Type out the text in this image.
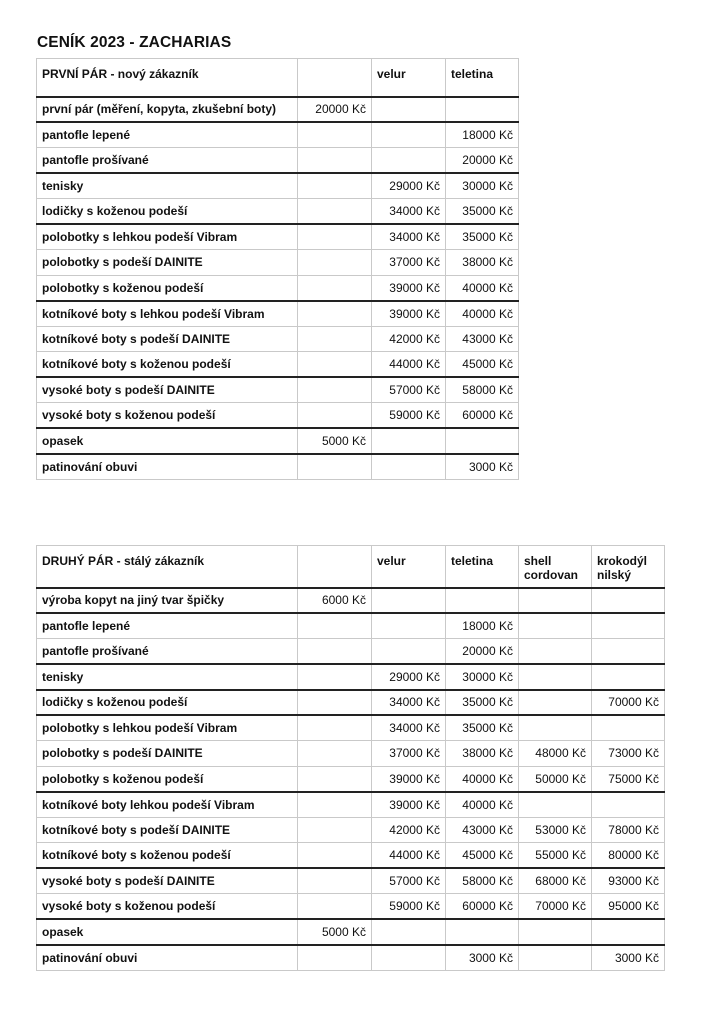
CENÍK 2023 - ZACHARIAS
PRVNÍ PÁR - nový zákazník		velur	teletina
první pár (měření, kopyta, zkušební boty)	20000 Kč		
pantofle lepené			18000 Kč
pantofle prošívané			20000 Kč
tenisky		29000 Kč	30000 Kč
lodičky s koženou podeší		34000 Kč	35000 Kč
polobotky s lehkou podeší Vibram		34000 Kč	35000 Kč
polobotky s podeší DAINITE		37000 Kč	38000 Kč
polobotky s koženou podeší		39000 Kč	40000 Kč
kotníkové boty s lehkou podeší Vibram		39000 Kč	40000 Kč
kotníkové boty s podeší DAINITE		42000 Kč	43000 Kč
kotníkové boty s koženou podeší		44000 Kč	45000 Kč
vysoké boty s podeší DAINITE		57000 Kč	58000 Kč
vysoké boty s koženou podeší		59000 Kč	60000 Kč
opasek	5000 Kč		
patinování obuvi			3000 Kč
DRUHÝ PÁR - stálý zákazník		velur	teletina	shell cordovan	krokodýl nilský
výroba kopyt na jiný tvar špičky	6000 Kč				
pantofle lepené			18000 Kč		
pantofle prošívané			20000 Kč		
tenisky		29000 Kč	30000 Kč		
lodičky s koženou podeší		34000 Kč	35000 Kč		70000 Kč
polobotky s lehkou podeší Vibram		34000 Kč	35000 Kč		
polobotky s podeší DAINITE		37000 Kč	38000 Kč	48000 Kč	73000 Kč
polobotky s koženou podeší		39000 Kč	40000 Kč	50000 Kč	75000 Kč
kotníkové boty lehkou podeší Vibram		39000 Kč	40000 Kč		
kotníkové boty s podeší DAINITE		42000 Kč	43000 Kč	53000 Kč	78000 Kč
kotníkové boty s koženou podeší		44000 Kč	45000 Kč	55000 Kč	80000 Kč
vysoké boty s podeší DAINITE		57000 Kč	58000 Kč	68000 Kč	93000 Kč
vysoké boty s koženou podeší		59000 Kč	60000 Kč	70000 Kč	95000 Kč
opasek	5000 Kč				
patinování obuvi			3000 Kč		3000 Kč
